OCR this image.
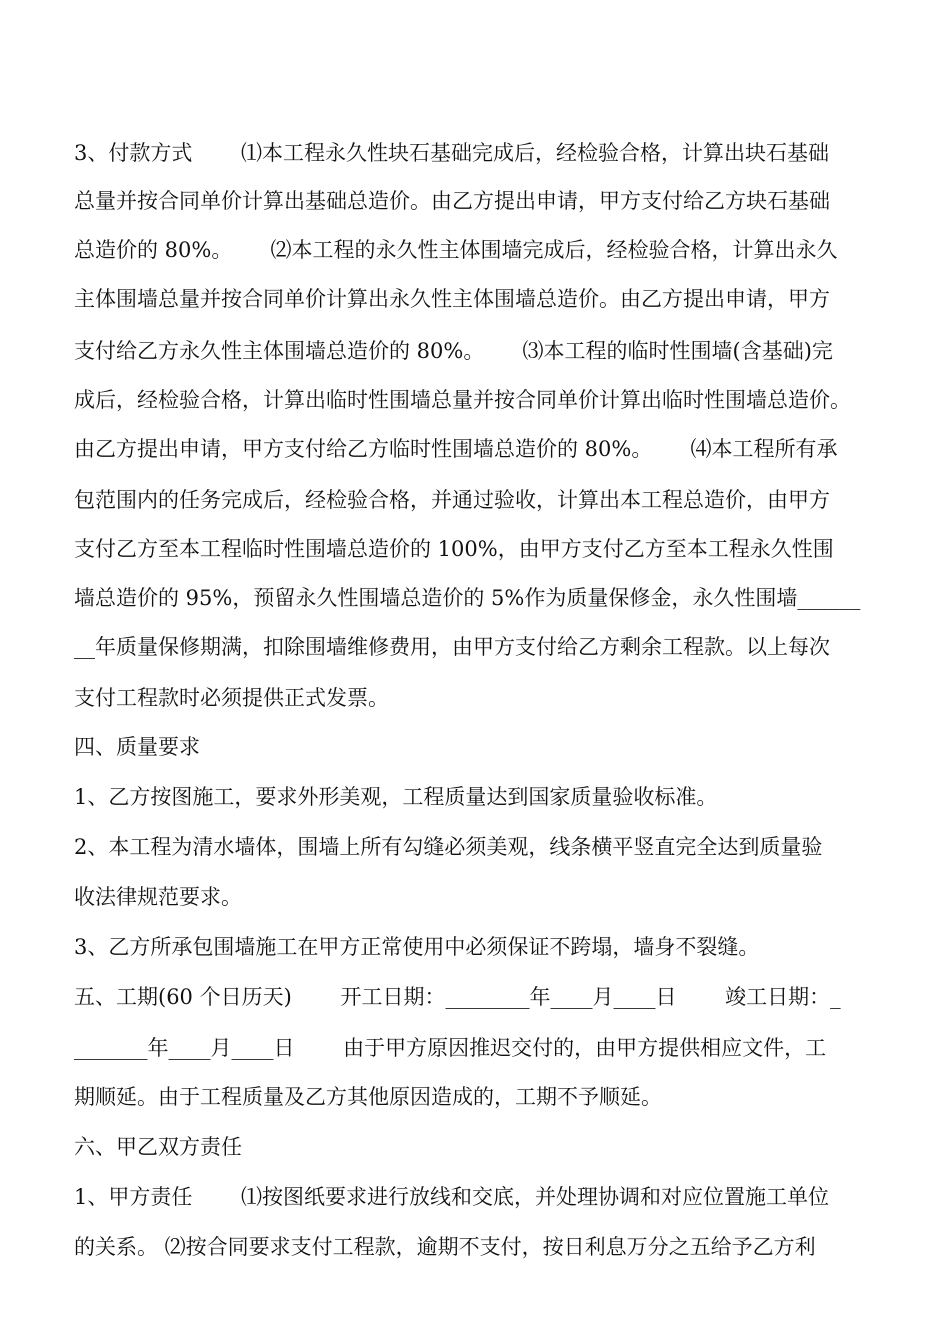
3、付款方式　　 ⑴本工程永久性块石基础完成后，经检验合格，计算出块石基础
总量并按合同单价计算出基础总造价。由乙方提出申请，甲方支付给乙方块石基础
总造价的 80%。　　 ⑵本工程的永久性主体围墙完成后，经检验合格，计算出永久
主体围墙总量并按合同单价计算出永久性主体围墙总造价。由乙方提出申请，甲方
支付给乙方永久性主体围墙总造价的 80%。　　 ⑶本工程的临时性围墙(含基础)完
成后，经检验合格，计算出临时性围墙总量并按合同单价计算出临时性围墙总造价。
由乙方提出申请，甲方支付给乙方临时性围墙总造价的 80%。　　 ⑷本工程所有承
包范围内的任务完成后，经检验合格，并通过验收，计算出本工程总造价，由甲方
支付乙方至本工程临时性围墙总造价的 100%，由甲方支付乙方至本工程永久性围
墙总造价的 95%，预留永久性围墙总造价的 5%作为质量保修金，永久性围墙______
__年质量保修期满，扣除围墙维修费用，由甲方支付给乙方剩余工程款。以上每次
支付工程款时必须提供正式发票。
四、质量要求
1、乙方按图施工，要求外形美观，工程质量达到国家质量验收标准。
2、本工程为清水墙体，围墙上所有勾缝必须美观，线条横平竖直完全达到质量验
收法律规范要求。
3、乙方所承包围墙施工在甲方正常使用中必须保证不跨塌，墙身不裂缝。
五、工期(60 个日历天)　　 开工日期：________年____月____日　　 竣工日期：_
_______年____月____日　　 由于甲方原因推迟交付的，由甲方提供相应文件，工
期顺延。由于工程质量及乙方其他原因造成的，工期不予顺延。
六、甲乙双方责任
1、甲方责任　　 ⑴按图纸要求进行放线和交底，并处理协调和对应位置施工单位
的关系。 ⑵按合同要求支付工程款，逾期不支付，按日利息万分之五给予乙方利
